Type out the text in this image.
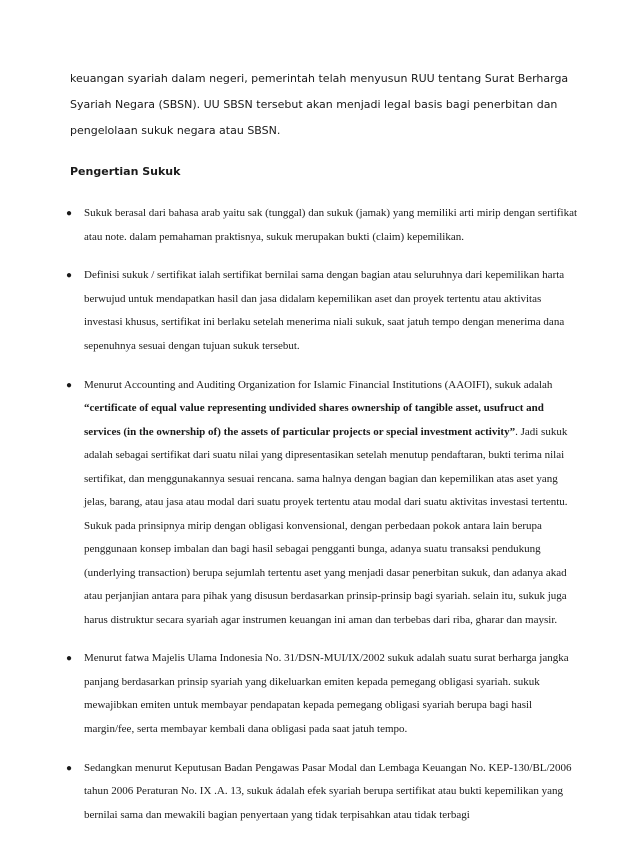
keuangan syariah dalam negeri, pemerintah telah menyusun RUU tentang Surat Berharga Syariah Negara (SBSN). UU SBSN tersebut akan menjadi legal basis bagi penerbitan dan pengelolaan sukuk negara atau SBSN.

Pengertian Sukuk

● Sukuk berasal dari bahasa arab yaitu sak (tunggal) dan sukuk (jamak) yang memiliki arti mirip dengan sertifikat atau note. dalam pemahaman praktisnya, sukuk merupakan bukti (claim) kepemilikan.
● Definisi sukuk / sertifikat ialah sertifikat bernilai sama dengan bagian atau seluruhnya dari kepemilikan harta berwujud untuk mendapatkan hasil dan jasa didalam kepemilikan aset dan proyek tertentu atau aktivitas investasi khusus, sertifikat ini berlaku setelah menerima niali sukuk, saat jatuh tempo dengan menerima dana sepenuhnya sesuai dengan tujuan sukuk tersebut.
● Menurut Accounting and Auditing Organization for Islamic Financial Institutions (AAOIFI), sukuk adalah “certificate of equal value representing undivided shares ownership of tangible asset, usufruct and services (in the ownership of) the assets of particular projects or special investment activity”. Jadi sukuk adalah sebagai sertifikat dari suatu nilai yang dipresentasikan setelah menutup pendaftaran, bukti terima nilai sertifikat, dan menggunakannya sesuai rencana. sama halnya dengan bagian dan kepemilikan atas aset yang jelas, barang, atau jasa atau modal dari suatu proyek tertentu atau modal dari suatu aktivitas investasi tertentu. Sukuk pada prinsipnya mirip dengan obligasi konvensional, dengan perbedaan pokok antara lain berupa penggunaan konsep imbalan dan bagi hasil sebagai pengganti bunga, adanya suatu transaksi pendukung (underlying transaction) berupa sejumlah tertentu aset yang menjadi dasar penerbitan sukuk, dan adanya akad atau perjanjian antara para pihak yang disusun berdasarkan prinsip-prinsip bagi syariah. selain itu, sukuk juga harus distruktur secara syariah agar instrumen keuangan ini aman dan terbebas dari riba, gharar dan maysir.
● Menurut fatwa Majelis Ulama Indonesia No. 31/DSN-MUI/IX/2002 sukuk adalah suatu surat berharga jangka panjang berdasarkan prinsip syariah yang dikeluarkan emiten kepada pemegang obligasi syariah. sukuk mewajibkan emiten untuk membayar pendapatan kepada pemegang obligasi syariah berupa bagi hasil margin/fee, serta membayar kembali dana obligasi pada saat jatuh tempo.
● Sedangkan menurut Keputusan Badan Pengawas Pasar Modal dan Lembaga Keuangan No. KEP-130/BL/2006 tahun 2006 Peraturan No. IX .A. 13, sukuk ádalah efek syariah berupa sertifikat atau bukti kepemilikan yang bernilai sama dan mewakili bagian penyertaan yang tidak terpisahkan atau tidak terbagi
